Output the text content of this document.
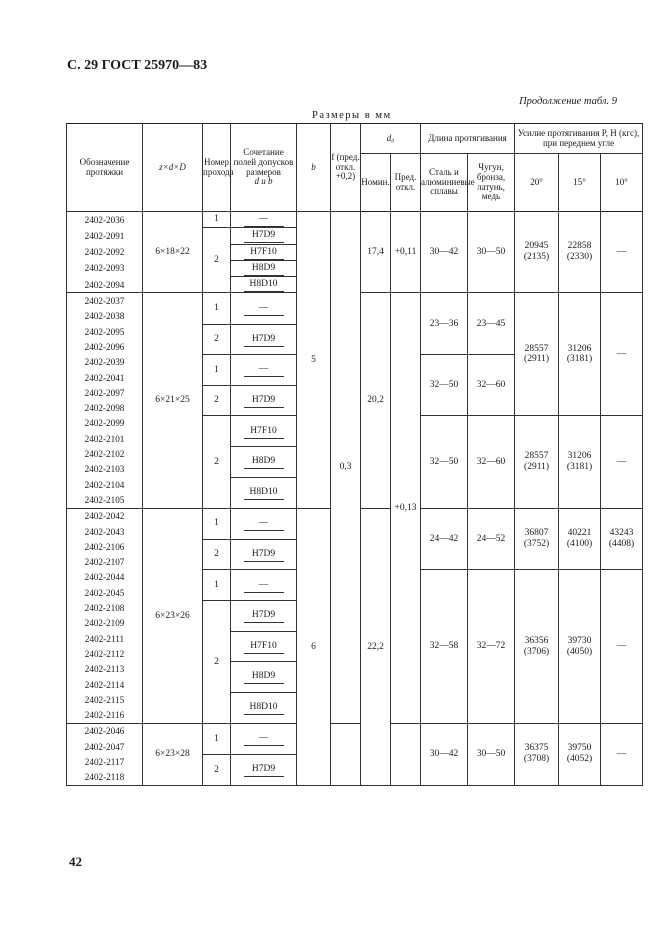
С. 29 ГОСТ 25970—83
Продолжение табл. 9
Размеры в мм
Обозначение протяжки	z×d×D	Номер прохода	Сочетание полей допусков размеров
d и b	b	f (пред. откл. +0,2)	d₀		Длина протягивания		Усилие протягивания P, Н (кгс), при переднем угле		
						Номин.	Пред. откл.	Сталь и алюминиевые сплавы	Чугун, бронза, латунь, медь	20°	15°	10°
2402-2036	6×18×22	1	—	5	0,3	17,4	+0,11	30—42	30—50	20945 (2135)	22858 (2330)	—
2402-2091		2	H7D9									
2402-2092			H7F10									
2402-2093			H8D9									
2402-2094			H8D10									
2402-2037	6×21×25	1	—			20,2	+0,13	23—36	23—45	28557 (2911)	31206 (3181)	—
2402-2038												
2402-2095		2	H7D9									
2402-2096												
2402-2039		1	—					32—50	32—60			
2402-2041												
2402-2097		2	H7D9									
2402-2098												
2402-2099		2	H7F10					32—50	32—60	28557 (2911)	31206 (3181)	—
2402-2101												
2402-2102			H8D9									
2402-2103												
2402-2104			H8D10									
2402-2105												
2402-2042	6×23×26	1	—	6		22,2		24—42	24—52	36807 (3752)	40221 (4100)	43243 (4408)
2402-2043												
2402-2106		2	H7D9									
2402-2107												
2402-2044		1	—					32—58	32—72	36356 (3706)	39730 (4050)	—
2402-2045												
2402-2108		2	H7D9									
2402-2109												
2402-2111			H7F10									
2402-2112												
2402-2113			H8D9									
2402-2114												
2402-2115			H8D10									
2402-2116												
2402-2046	6×23×28	1	—					30—42	30—50	36375 (3708)	39750 (4052)	—
2402-2047												
2402-2117		2	H7D9									
2402-2118												
42
